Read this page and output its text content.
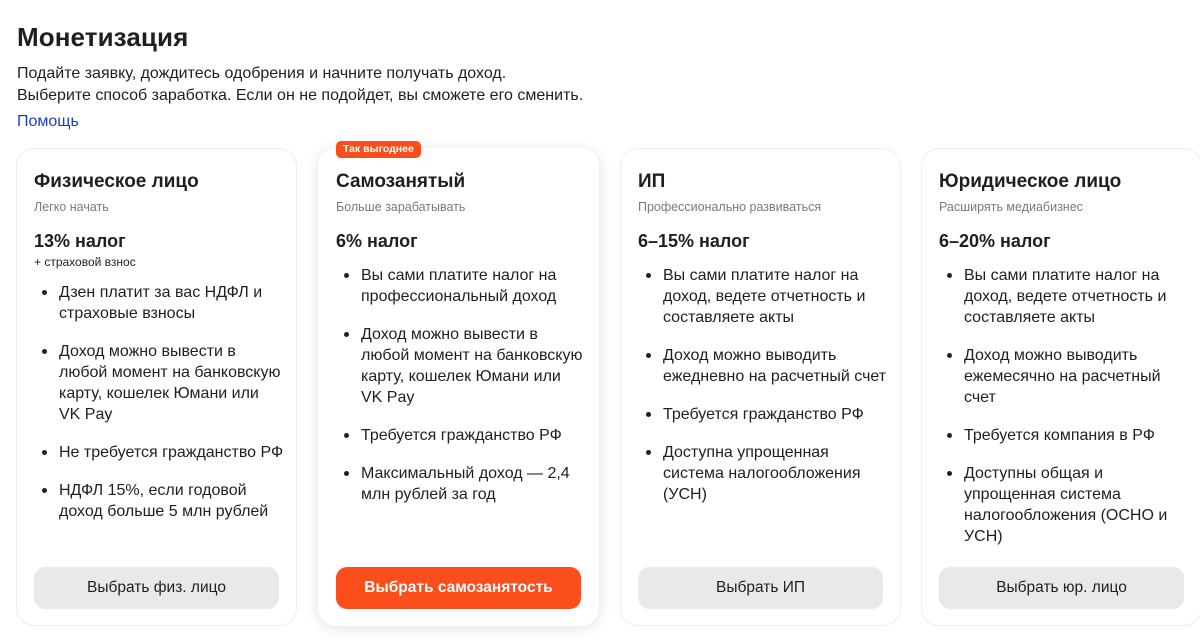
Монетизация

Подайте заявку, дождитесь одобрения и начните получать доход.

Выберите способ заработка. Если он не подойдет, вы сможете его сменить.

Помощь
Физическое лицо
Легко начать
13% налог
+ страховой взнос
Дзен платит за вас НДФЛ и страховые взносы
Доход можно вывести в любой момент на банковскую карту, кошелек Юмани или VK Pay
Не требуется гражданство РФ
НДФЛ 15%, если годовой доход больше 5 млн рублей
Выбрать физ. лицо
Так выгоднее
Самозанятый
Больше зарабатывать
6% налог
Вы сами платите налог на профессиональный доход
Доход можно вывести в любой момент на банковскую карту, кошелек Юмани или VK Pay
Требуется гражданство РФ
Максимальный доход — 2,4 млн рублей за год
Выбрать самозанятость
ИП
Профессионально развиваться
6–15% налог
Вы сами платите налог на доход, ведете отчетность и составляете акты
Доход можно выводить ежедневно на расчетный счет
Требуется гражданство РФ
Доступна упрощенная система налогообложения (УСН)
Выбрать ИП
Юридическое лицо
Расширять медиабизнес
6–20% налог
Вы сами платите налог на доход, ведете отчетность и составляете акты
Доход можно выводить ежемесячно на расчетный счет
Требуется компания в РФ
Доступны общая и упрощенная система налогообложения (ОСНО и УСН)
Выбрать юр. лицо
